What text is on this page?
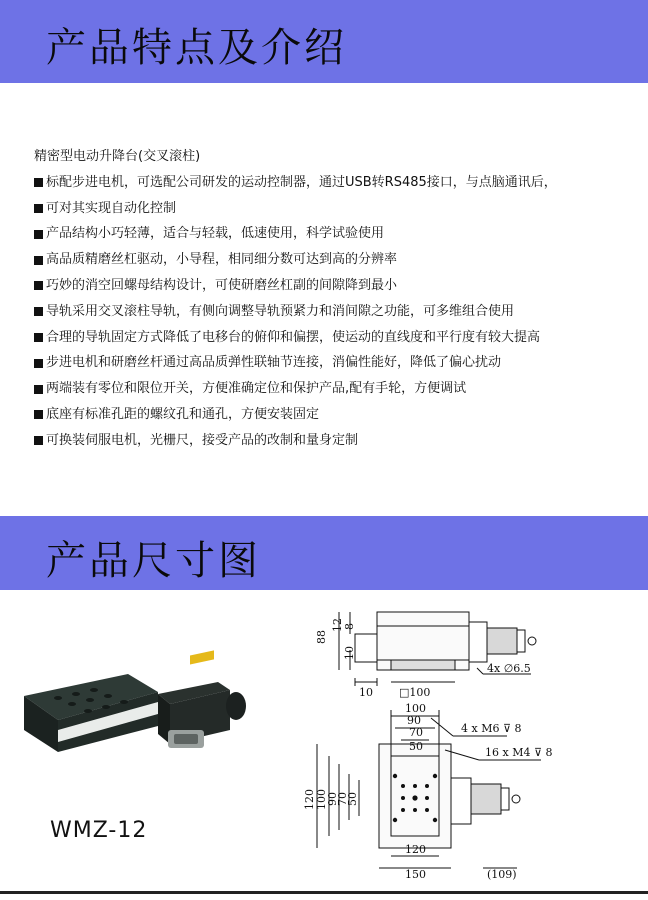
产品特点及介绍
精密型电动升降台(交叉滚柱)
标配步进电机，可选配公司研发的运动控制器，通过USB转RS485接口，与点脑通讯后，
可对其实现自动化控制
产品结构小巧轻薄，适合与轻载，低速使用，科学试验使用
高品质精磨丝杠驱动，小导程，相同细分数可达到高的分辨率
巧妙的消空回螺母结构设计，可使研磨丝杠副的间隙降到最小
导轨采用交叉滚柱导轨，有侧向调整导轨预紧力和消间隙之功能，可多维组合使用
合理的导轨固定方式降低了电移台的俯仰和偏摆，使运动的直线度和平行度有较大提高
步进电机和研磨丝杆通过高品质弹性联轴节连接，消偏性能好，降低了偏心扰动
两端装有零位和限位开关，方便准确定位和保护产品,配有手轮，方便调试
底座有标准孔距的螺纹孔和通孔，方便安装固定
可换装伺服电机，光栅尺，接受产品的改制和量身定制
产品尺寸图
WMZ-12
88
10
8
12
10 □100
4x ∅6.5
100
90
70
50
4 x M6 ⊽ 8
16 x M4 ⊽ 8
120 100
90
70
50
120
150	(109)
